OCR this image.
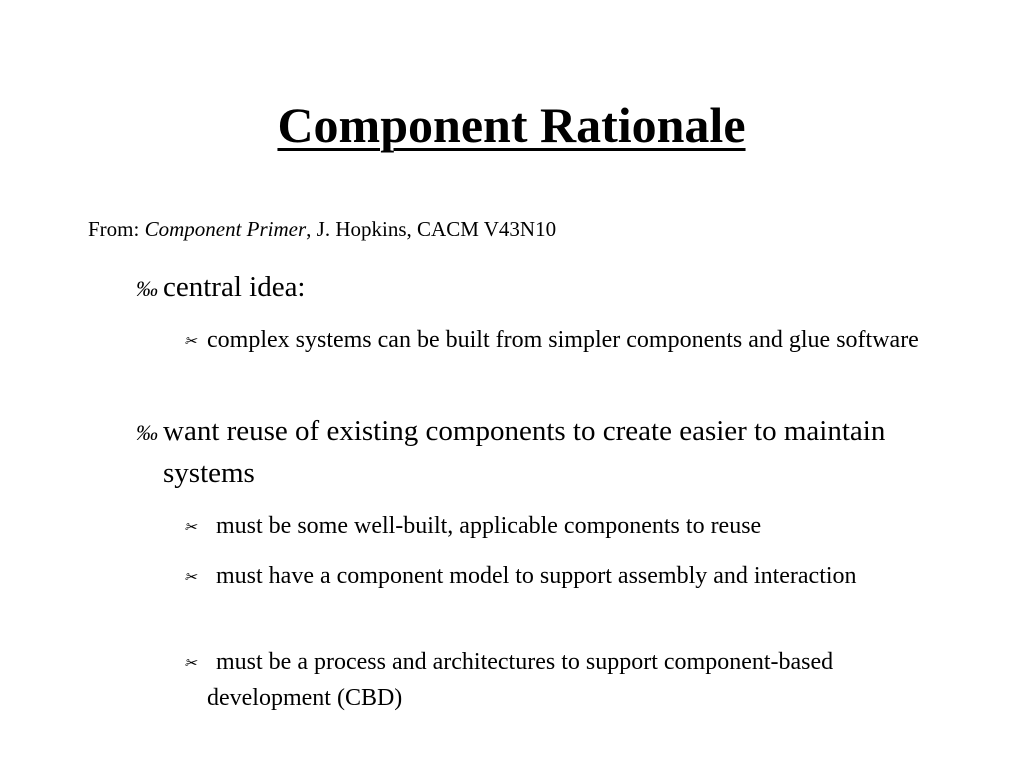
Component Rationale
From: Component Primer, J. Hopkins, CACM V43N10
‰ central idea:
✂ complex systems can be built from simpler components and glue software
‰ want reuse of existing components to create easier to maintain systems
✂ must be some well-built, applicable components to reuse
✂ must have a component model to support assembly and interaction
✂ must be a process and architectures to support component-based development (CBD)
